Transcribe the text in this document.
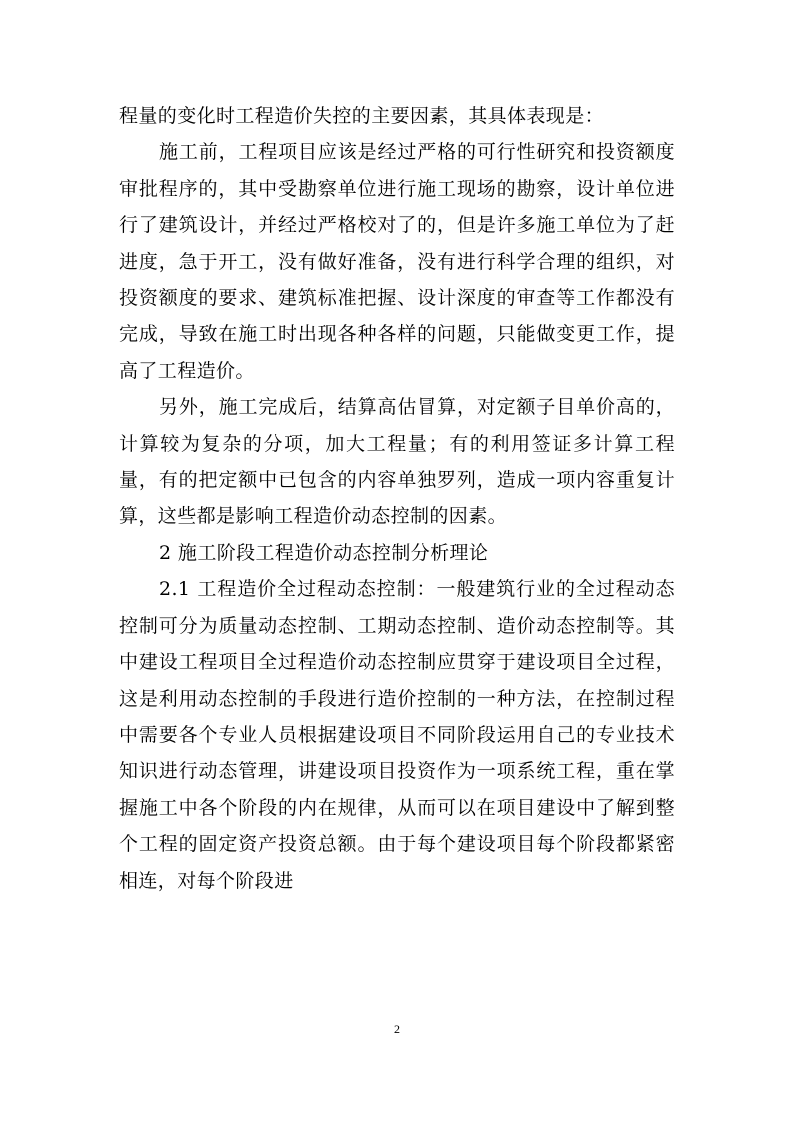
程量的变化时工程造价失控的主要因素，其具体表现是：

施工前，工程项目应该是经过严格的可行性研究和投资额度审批程序的，其中受勘察单位进行施工现场的勘察，设计单位进行了建筑设计，并经过严格校对了的，但是许多施工单位为了赶进度，急于开工，没有做好准备，没有进行科学合理的组织，对投资额度的要求、建筑标准把握、设计深度的审查等工作都没有完成，导致在施工时出现各种各样的问题，只能做变更工作，提高了工程造价。

另外，施工完成后，结算高估冒算，对定额子目单价高的，计算较为复杂的分项，加大工程量；有的利用签证多计算工程量，有的把定额中已包含的内容单独罗列，造成一项内容重复计算，这些都是影响工程造价动态控制的因素。

2 施工阶段工程造价动态控制分析理论

2.1 工程造价全过程动态控制：一般建筑行业的全过程动态控制可分为质量动态控制、工期动态控制、造价动态控制等。其中建设工程项目全过程造价动态控制应贯穿于建设项目全过程，这是利用动态控制的手段进行造价控制的一种方法，在控制过程中需要各个专业人员根据建设项目不同阶段运用自己的专业技术知识进行动态管理，讲建设项目投资作为一项系统工程，重在掌握施工中各个阶段的内在规律，从而可以在项目建设中了解到整个工程的固定资产投资总额。由于每个建设项目每个阶段都紧密相连，对每个阶段进

2
